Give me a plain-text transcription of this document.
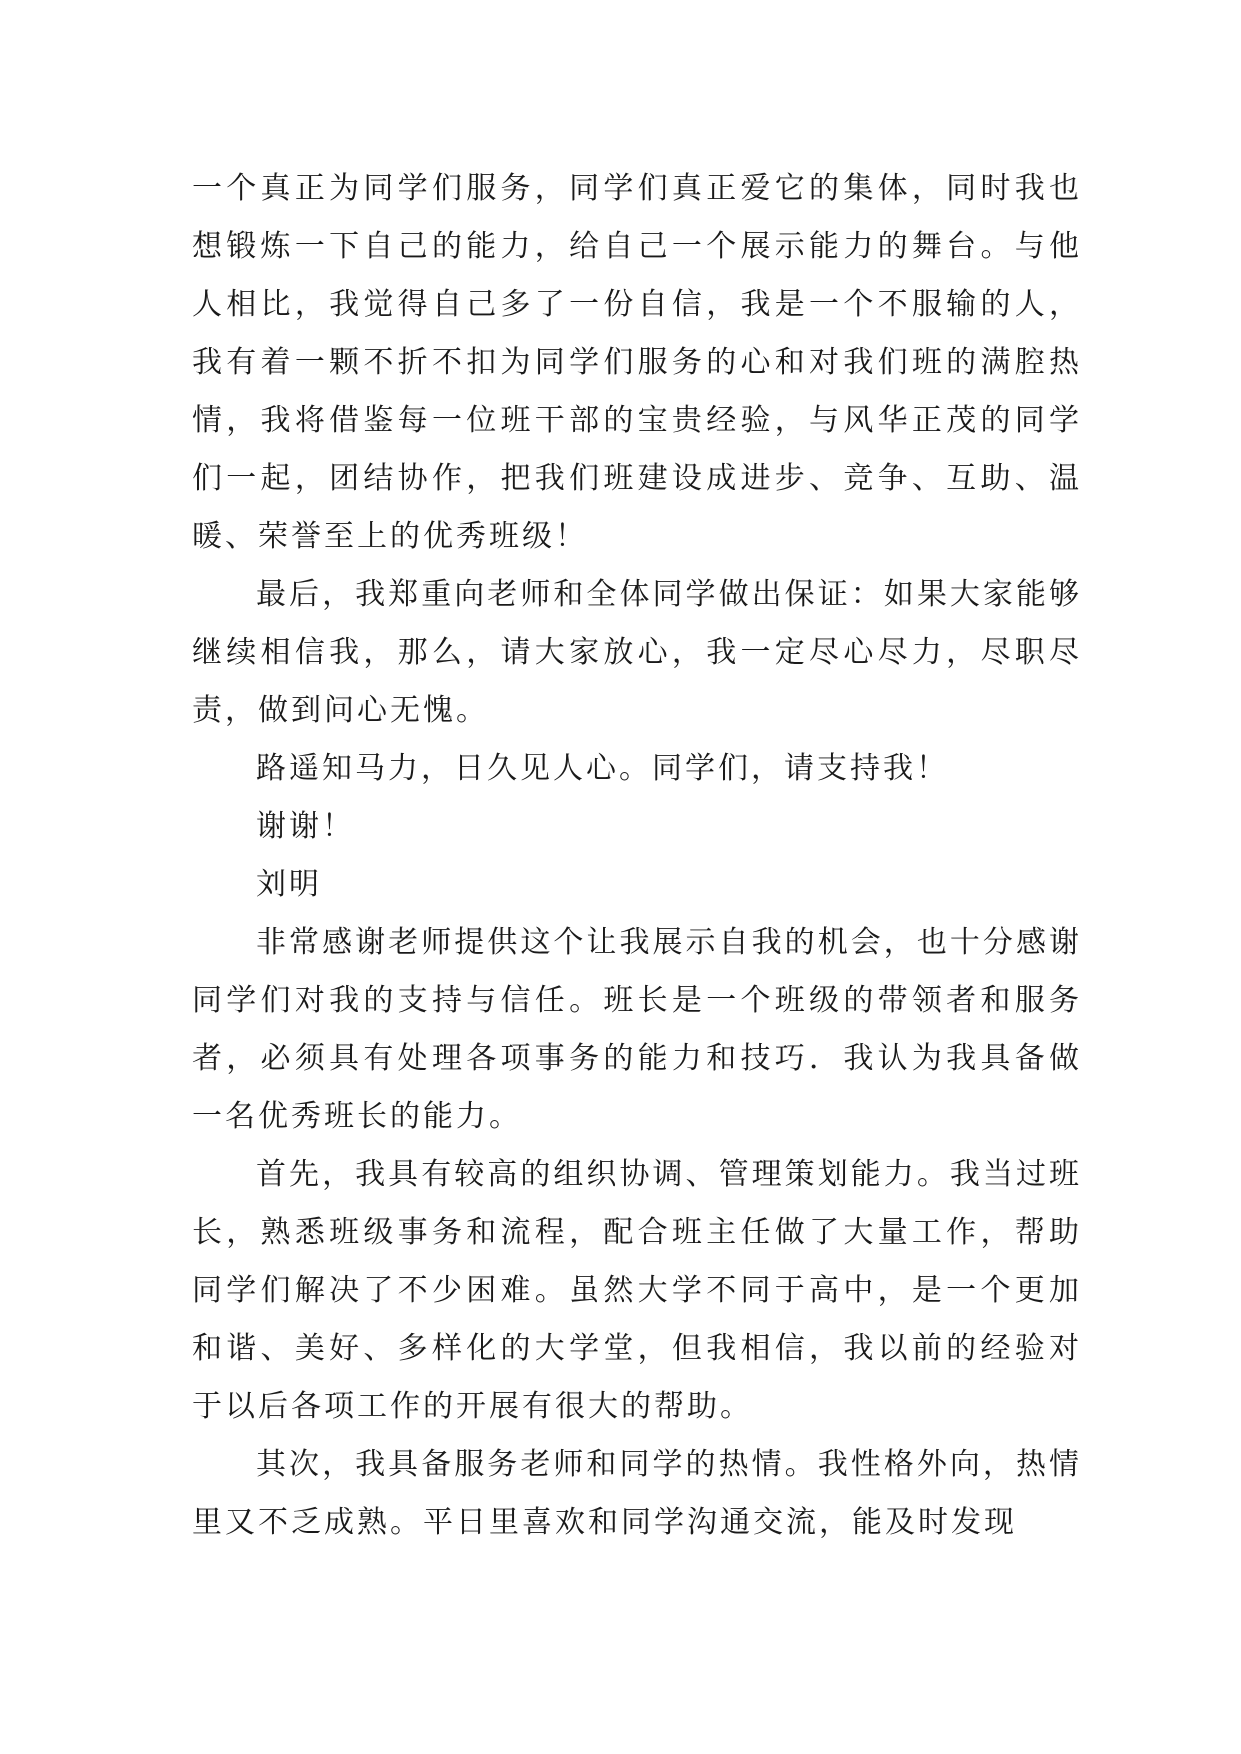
一个真正为同学们服务，同学们真正爱它的集体，同时我也想锻炼一下自己的能力，给自己一个展示能力的舞台。与他人相比，我觉得自己多了一份自信，我是一个不服输的人，我有着一颗不折不扣为同学们服务的心和对我们班的满腔热情，我将借鉴每一位班干部的宝贵经验，与风华正茂的同学们一起，团结协作，把我们班建设成进步、竞争、互助、温暖、荣誉至上的优秀班级！

最后，我郑重向老师和全体同学做出保证：如果大家能够继续相信我，那么，请大家放心，我一定尽心尽力，尽职尽责，做到问心无愧。

路遥知马力，日久见人心。同学们，请支持我！

谢谢！

刘明

非常感谢老师提供这个让我展示自我的机会，也十分感谢同学们对我的支持与信任。班长是一个班级的带领者和服务者，必须具有处理各项事务的能力和技巧．我认为我具备做一名优秀班长的能力。

首先，我具有较高的组织协调、管理策划能力。我当过班长，熟悉班级事务和流程，配合班主任做了大量工作，帮助同学们解决了不少困难。虽然大学不同于高中，是一个更加和谐、美好、多样化的大学堂，但我相信，我以前的经验对于以后各项工作的开展有很大的帮助。

其次，我具备服务老师和同学的热情。我性格外向，热情里又不乏成熟。平日里喜欢和同学沟通交流，能及时发现
